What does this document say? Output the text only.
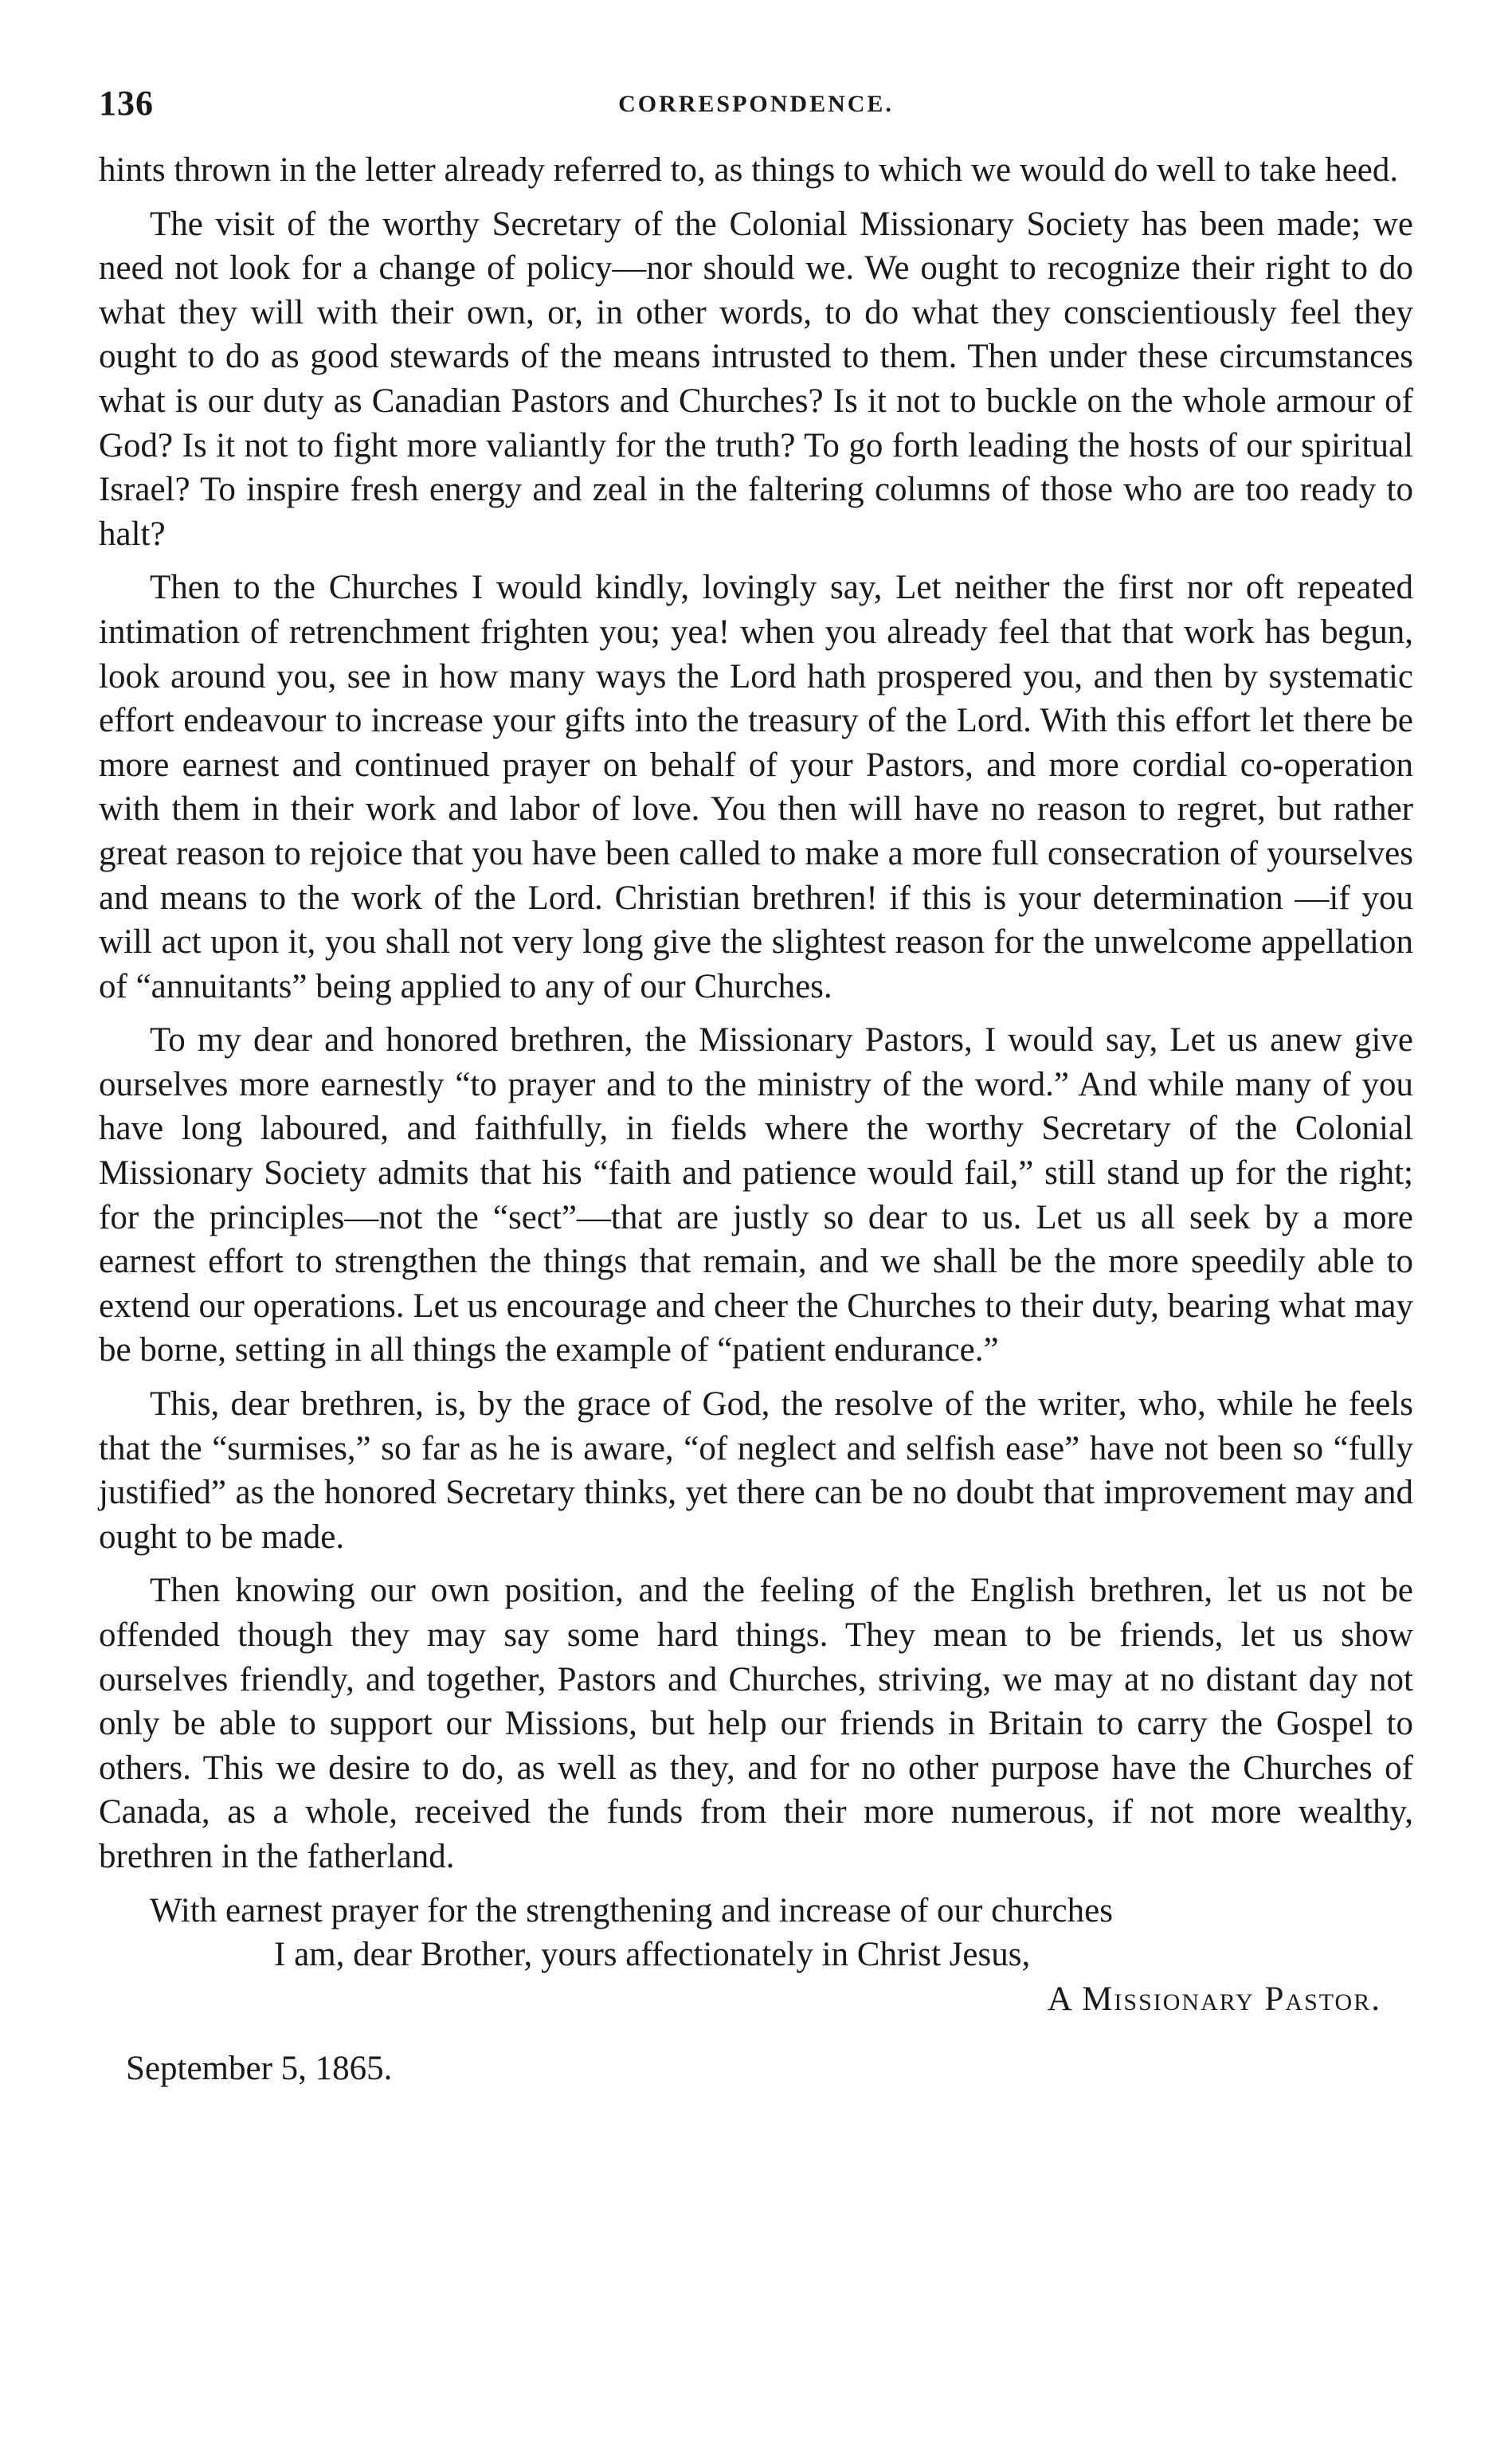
136	CORRESPONDENCE.

hints thrown in the letter already referred to, as things to which we would do well to take heed.

The visit of the worthy Secretary of the Colonial Missionary Society has been made; we need not look for a change of policy—nor should we. We ought to recognize their right to do what they will with their own, or, in other words, to do what they conscientiously feel they ought to do as good stewards of the means intrusted to them. Then under these circumstances what is our duty as Canadian Pastors and Churches? Is it not to buckle on the whole armour of God? Is it not to fight more valiantly for the truth? To go forth leading the hosts of our spiritual Israel? To inspire fresh energy and zeal in the faltering columns of those who are too ready to halt?

Then to the Churches I would kindly, lovingly say, Let neither the first nor oft repeated intimation of retrenchment frighten you; yea! when you already feel that that work has begun, look around you, see in how many ways the Lord hath prospered you, and then by systematic effort endeavour to increase your gifts into the treasury of the Lord. With this effort let there be more earnest and continued prayer on behalf of your Pastors, and more cordial co-operation with them in their work and labor of love. You then will have no reason to regret, but rather great reason to rejoice that you have been called to make a more full consecration of yourselves and means to the work of the Lord. Christian brethren! if this is your determination —if you will act upon it, you shall not very long give the slightest reason for the unwelcome appellation of “annuitants” being applied to any of our Churches.

To my dear and honored brethren, the Missionary Pastors, I would say, Let us anew give ourselves more earnestly “to prayer and to the ministry of the word.” And while many of you have long laboured, and faithfully, in fields where the worthy Secretary of the Colonial Missionary Society admits that his “faith and patience would fail,” still stand up for the right; for the principles—not the “sect”—that are justly so dear to us. Let us all seek by a more earnest effort to strengthen the things that remain, and we shall be the more speedily able to extend our operations. Let us encourage and cheer the Churches to their duty, bearing what may be borne, setting in all things the example of “patient endurance.”

This, dear brethren, is, by the grace of God, the resolve of the writer, who, while he feels that the “surmises,” so far as he is aware, “of neglect and selfish ease” have not been so “fully justified” as the honored Secretary thinks, yet there can be no doubt that improvement may and ought to be made.

Then knowing our own position, and the feeling of the English brethren, let us not be offended though they may say some hard things. They mean to be friends, let us show ourselves friendly, and together, Pastors and Churches, striving, we may at no distant day not only be able to support our Missions, but help our friends in Britain to carry the Gospel to others. This we desire to do, as well as they, and for no other purpose have the Churches of Canada, as a whole, received the funds from their more numerous, if not more wealthy, brethren in the fatherland.

With earnest prayer for the strengthening and increase of our churches

I am, dear Brother, yours affectionately in Christ Jesus,

A Missionary Pastor.

September 5, 1865.
